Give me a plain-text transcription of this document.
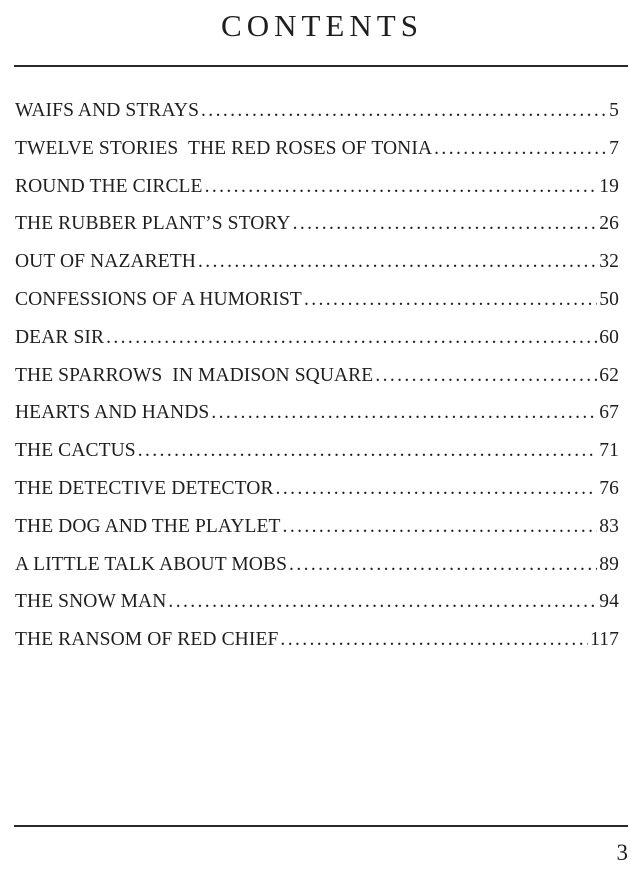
CONTENTS
WAIFS AND STRAYS .....	5
TWELVE STORIES  THE RED ROSES OF TONIA .....	7
ROUND THE CIRCLE .....	19
THE RUBBER PLANT’S STORY .....	26
OUT OF NAZARETH .....	32
CONFESSIONS OF A HUMORIST .....	50
DEAR SIR .....	60
THE SPARROWS  IN MADISON SQUARE .....	62
HEARTS AND HANDS .....	67
THE CACTUS .....	71
THE DETECTIVE DETECTOR .....	76
THE DOG AND THE PLAYLET .....	83
A LITTLE TALK ABOUT MOBS .....	89
THE SNOW MAN .....	94
THE RANSOM OF RED CHIEF .....	117
3
